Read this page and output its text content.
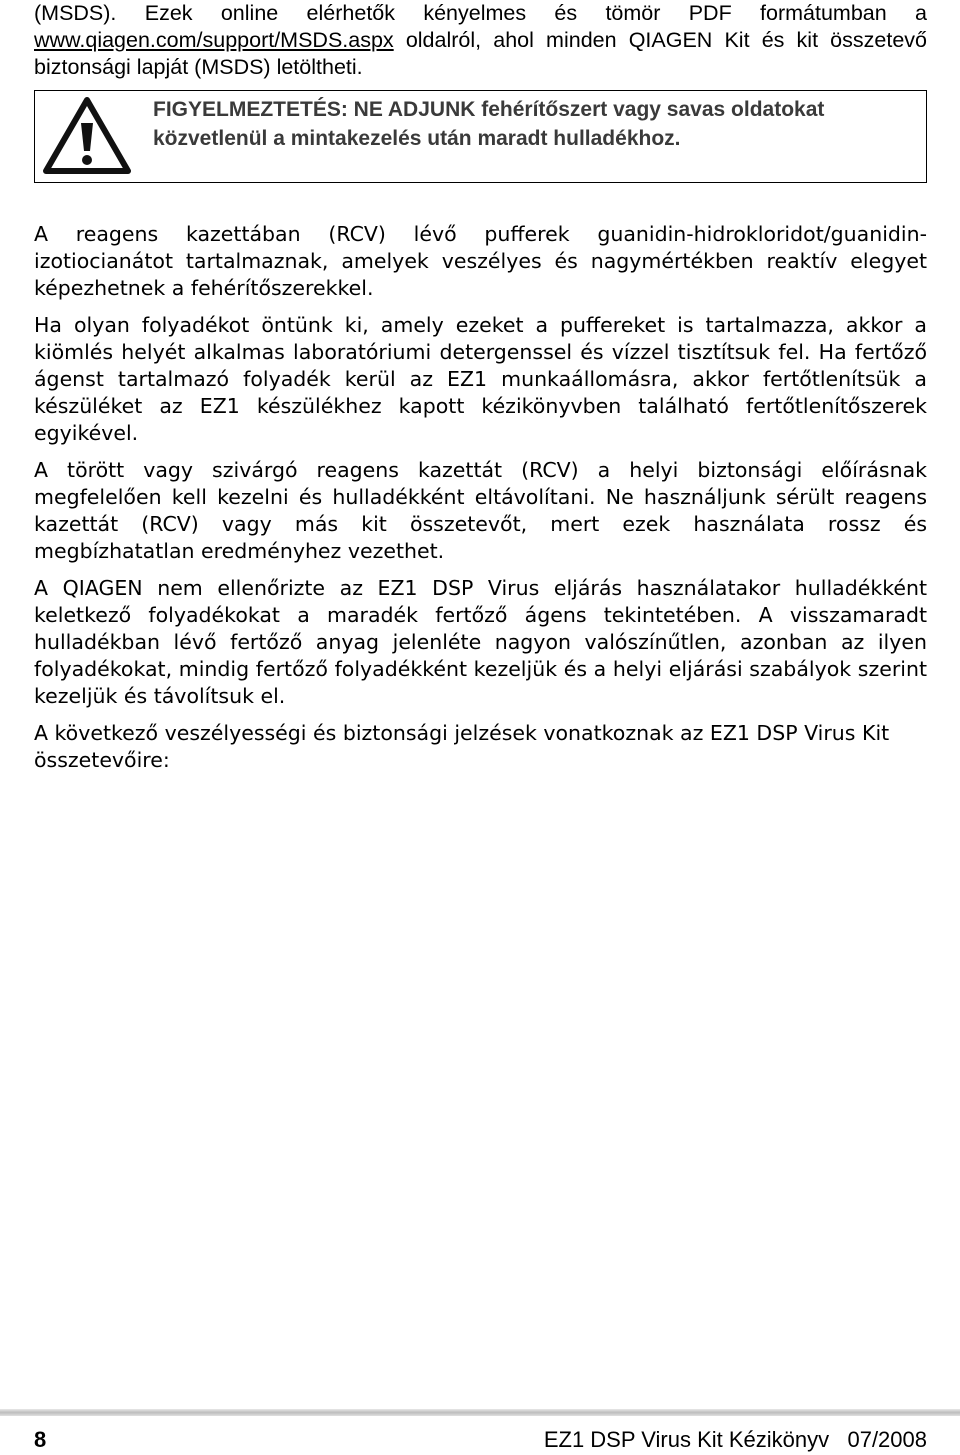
(MSDS). Ezek online elérhetők kényelmes és tömör PDF formátumban a www.qiagen.com/support/MSDS.aspx oldalról, ahol minden QIAGEN Kit és kit összetevő biztonsági lapját (MSDS) letöltheti.

FIGYELMEZTETÉS: NE ADJUNK fehérítőszert vagy savas oldatokat közvetlenül a mintakezelés után maradt hulladékhoz.

A reagens kazettában (RCV) lévő pufferek guanidin-hidrokloridot/guanidin-izotiocianátot tartalmaznak, amelyek veszélyes és nagymértékben reaktív elegyet képezhetnek a fehérítőszerekkel.

Ha olyan folyadékot öntünk ki, amely ezeket a puffereket is tartalmazza, akkor a kiömlés helyét alkalmas laboratóriumi detergenssel és vízzel tisztítsuk fel. Ha fertőző ágenst tartalmazó folyadék kerül az EZ1 munkaállomásra, akkor fertőtlenítsük a készüléket az EZ1 készülékhez kapott kézikönyvben található fertőtlenítőszerek egyikével.

A törött vagy szivárgó reagens kazettát (RCV) a helyi biztonsági előírásnak megfelelően kell kezelni és hulladékként eltávolítani. Ne használjunk sérült reagens kazettát (RCV) vagy más kit összetevőt, mert ezek használata rossz és megbízhatatlan eredményhez vezethet.

A QIAGEN nem ellenőrizte az EZ1 DSP Virus eljárás használatakor hulladékként keletkező folyadékokat a maradék fertőző ágens tekintetében. A visszamaradt hulladékban lévő fertőző anyag jelenléte nagyon valószínűtlen, azonban az ilyen folyadékokat, mindig fertőző folyadékként kezeljük és a helyi eljárási szabályok szerint kezeljük és távolítsuk el.

A következő veszélyességi és biztonsági jelzések vonatkoznak az EZ1 DSP Virus Kit összetevőire:

8	EZ1 DSP Virus Kit Kézikönyv   07/2008
